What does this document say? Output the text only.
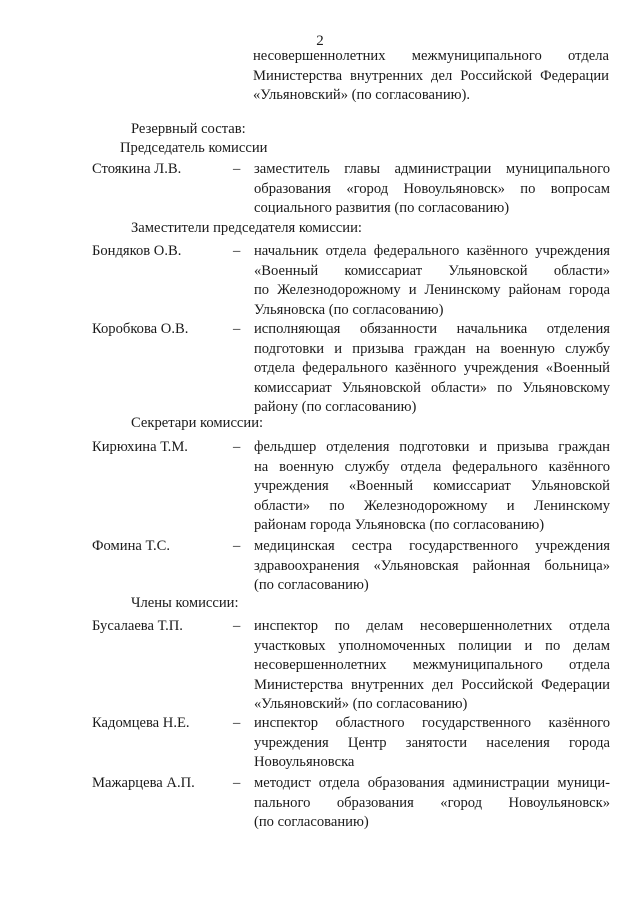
2
несовершеннолетних межмуниципального отдела
Министерства внутренних дел Российской Федерации
«Ульяновский» (по согласованию).
Резервный состав:
Председатель комиссии
Стоякина Л.В.	– заместитель главы администрации муниципального
образования «город Новоульяновск» по вопросам
социального развития (по согласованию)
Заместители председателя комиссии:
Бондяков О.В.	– начальник отдела федерального казённого учреждения
«Военный комиссариат Ульяновской области»
по Железнодорожному и Ленинскому районам города
Ульяновска (по согласованию)
Коробкова О.В.	– исполняющая обязанности начальника отделения
подготовки и призыва граждан на военную службу
отдела федерального казённого учреждения «Военный
комиссариат Ульяновской области» по Ульяновскому
району (по согласованию)
Секретари комиссии:
Кирюхина Т.М.	– фельдшер отделения подготовки и призыва граждан
на военную службу отдела федерального казённого
учреждения «Военный комиссариат Ульяновской
области» по Железнодорожному и Ленинскому
районам города Ульяновска (по согласованию)
Фомина Т.С.	– медицинская сестра государственного учреждения
здравоохранения «Ульяновская районная больница»
(по согласованию)
Члены комиссии:
Бусалаева Т.П.	– инспектор по делам несовершеннолетних отдела
участковых уполномоченных полиции и по делам
несовершеннолетних межмуниципального отдела
Министерства внутренних дел Российской Федерации
«Ульяновский» (по согласованию)
Кадомцева Н.Е.	– инспектор областного государственного казённого
учреждения Центр занятости населения города
Новоульяновска
Мажарцева А.П.	– методист отдела образования администрации муници-
пального образования «город Новоульяновск»
(по согласованию)
